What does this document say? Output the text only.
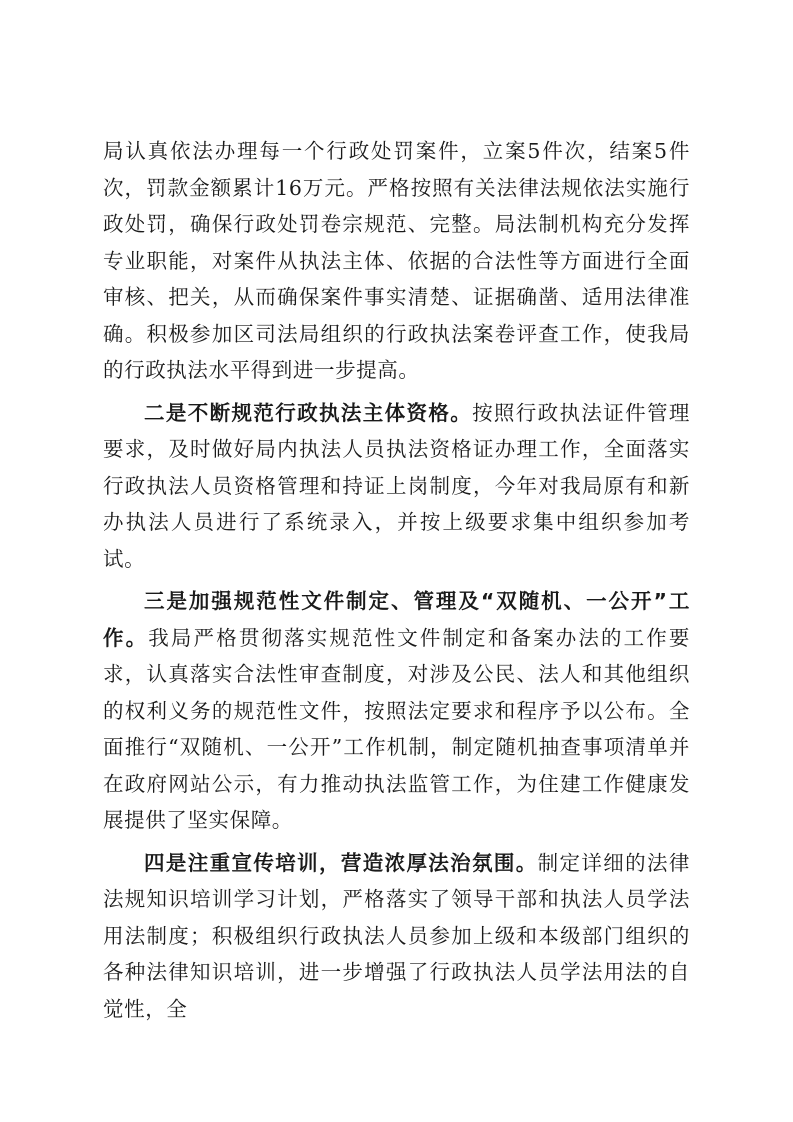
局认真依法办理每一个行政处罚案件，立案5件次，结案5件次，罚款金额累计16万元。严格按照有关法律法规依法实施行政处罚，确保行政处罚卷宗规范、完整。局法制机构充分发挥专业职能，对案件从执法主体、依据的合法性等方面进行全面审核、把关，从而确保案件事实清楚、证据确凿、适用法律准确。积极参加区司法局组织的行政执法案卷评查工作，使我局的行政执法水平得到进一步提高。

二是不断规范行政执法主体资格。按照行政执法证件管理要求，及时做好局内执法人员执法资格证办理工作，全面落实行政执法人员资格管理和持证上岗制度，今年对我局原有和新办执法人员进行了系统录入，并按上级要求集中组织参加考试。

三是加强规范性文件制定、管理及“双随机、一公开”工作。我局严格贯彻落实规范性文件制定和备案办法的工作要求，认真落实合法性审查制度，对涉及公民、法人和其他组织的权利义务的规范性文件，按照法定要求和程序予以公布。全面推行“双随机、一公开”工作机制，制定随机抽查事项清单并在政府网站公示，有力推动执法监管工作，为住建工作健康发展提供了坚实保障。

四是注重宣传培训，营造浓厚法治氛围。制定详细的法律法规知识培训学习计划，严格落实了领导干部和执法人员学法用法制度；积极组织行政执法人员参加上级和本级部门组织的各种法律知识培训，进一步增强了行政执法人员学法用法的自觉性，全
